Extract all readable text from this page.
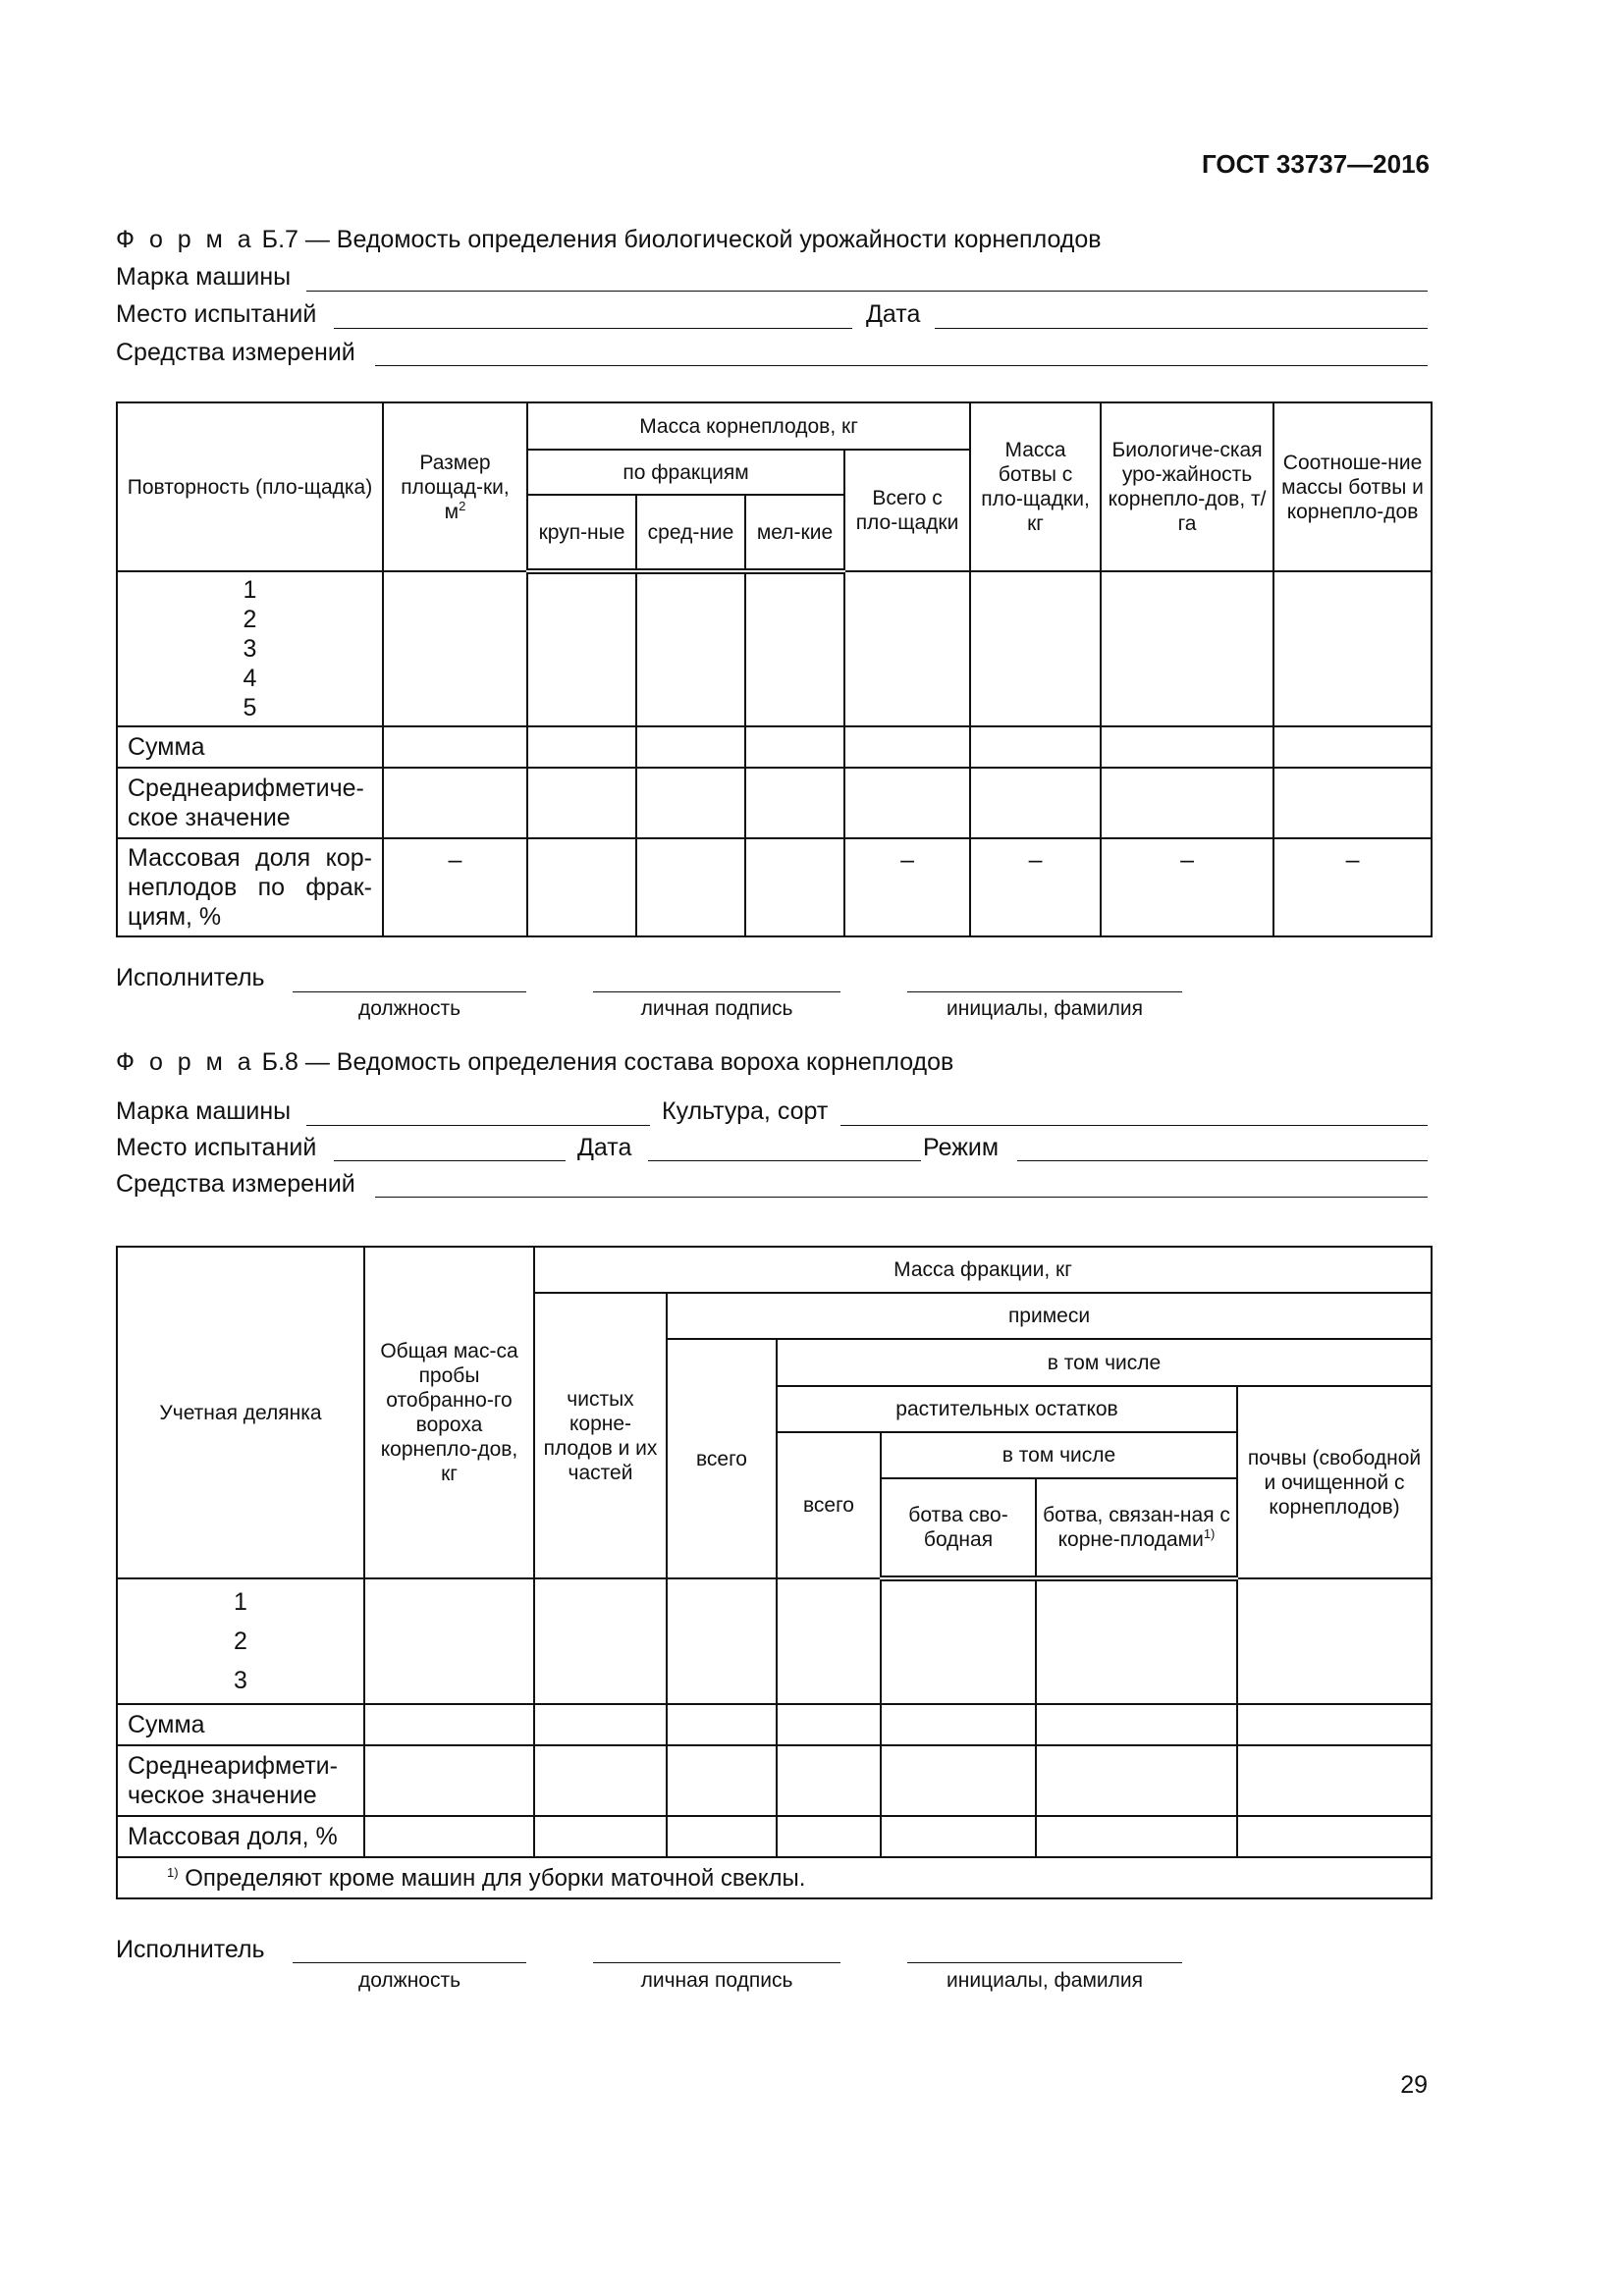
ГОСТ 33737—2016
Ф о р м а Б.7 — Ведомость определения биологической урожайности корнеплодов
Марка машины
Место испытаний	Дата
Средства измерений
Повторность (пло-щадка)	Размер площад-ки, $м^2$	Масса корнеплодов, кг				Масса ботвы с пло-щадки, кг	Биологиче-ская уро-жайность корнепло-дов, т/га	Соотноше-ние массы ботвы и корнепло-дов
		по фракциям			Всего с пло-щадки			
		круп-ные	сред-ние	мел-кие				

1
2
3
4
5								

Сумма								
Среднеарифметиче-ское значение								
Массовая доля кор-неплодов по фрак-циям, %	–				–	–	–	–
Исполнитель
должность	личная подпись	инициалы, фамилия
Ф о р м а Б.8 — Ведомость определения состава вороха корнеплодов
Марка машины	Культура, сорт
Место испытаний	Дата	Режим
Средства измерений
Учетная делянка	Общая мас-са пробы отобранно-го вороха корнепло-дов, кг	Масса фракции, кг					
		чистых корне-плодов и их частей	примеси				
			всего	в том числе			
				растительных остатков			почвы (свободной и очищенной с корнеплодов)
				всего	в том числе		
					ботва сво-бодная	ботва, связан-ная с корне-плодами$^{1)}$

1
2
3							

Сумма							
Среднеарифмети-ческое значение							
Массовая доля, %							
$^{1)}$ Определяют кроме машин для уборки маточной свеклы.							
Исполнитель
должность	личная подпись	инициалы, фамилия
29
